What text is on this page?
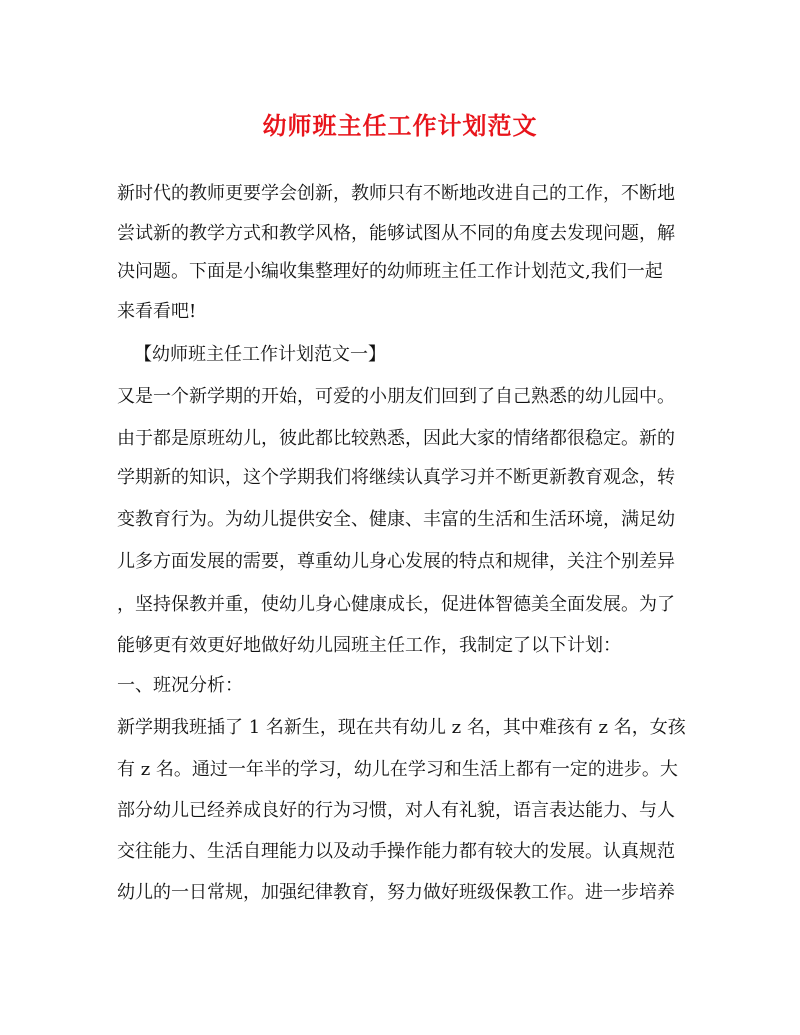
幼师班主任工作计划范文
新时代的教师更要学会创新，教师只有不断地改进自己的工作，不断地
尝试新的教学方式和教学风格，能够试图从不同的角度去发现问题，解
决问题。下面是小编收集整理好的幼师班主任工作计划范文,我们一起
来看看吧!
【幼师班主任工作计划范文一】
又是一个新学期的开始，可爱的小朋友们回到了自己熟悉的幼儿园中。
由于都是原班幼儿，彼此都比较熟悉，因此大家的情绪都很稳定。新的
学期新的知识，这个学期我们将继续认真学习并不断更新教育观念，转
变教育行为。为幼儿提供安全、健康、丰富的生活和生活环境，满足幼
儿多方面发展的需要，尊重幼儿身心发展的特点和规律，关注个别差异
，坚持保教并重，使幼儿身心健康成长，促进体智德美全面发展。为了
能够更有效更好地做好幼儿园班主任工作，我制定了以下计划：
一、班况分析：
新学期我班插了 1 名新生，现在共有幼儿 z 名，其中难孩有 z 名，女孩
有 z 名。通过一年半的学习，幼儿在学习和生活上都有一定的进步。大
部分幼儿已经养成良好的行为习惯，对人有礼貌，语言表达能力、与人
交往能力、生活自理能力以及动手操作能力都有较大的发展。认真规范
幼儿的一日常规，加强纪律教育，努力做好班级保教工作。进一步培养
